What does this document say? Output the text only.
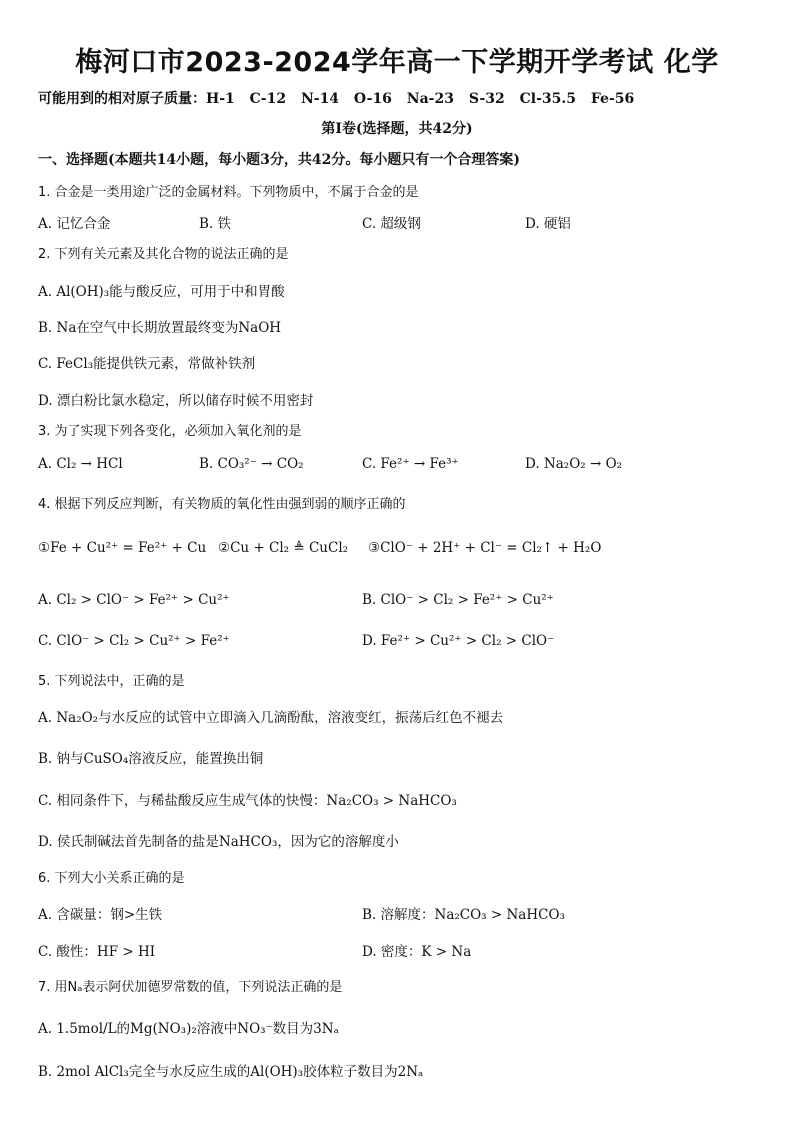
梅河口市2023-2024学年高一下学期开学考试 化学
可能用到的相对原子质量：H-1 C-12 N-14 O-16 Na-23 S-32 Cl-35.5 Fe-56
第Ⅰ卷(选择题，共42分)
一、选择题(本题共14小题，每小题3分，共42分。每小题只有一个合理答案)
1. 合金是一类用途广泛的金属材料。下列物质中，不属于合金的是
A. 记忆合金	B. 铁	C. 超级钢	D. 硬铝
2. 下列有关元素及其化合物的说法正确的是
A. Al(OH)₃能与酸反应，可用于中和胃酸
B. Na在空气中长期放置最终变为NaOH
C. FeCl₃能提供铁元素，常做补铁剂
D. 漂白粉比氯水稳定，所以储存时候不用密封
3. 为了实现下列各变化，必须加入氧化剂的是
A. Cl₂ → HCl	B. CO₃²⁻ → CO₂	C. Fe²⁺ → Fe³⁺	D. Na₂O₂ → O₂
4. 根据下列反应判断，有关物质的氧化性由强到弱的顺序正确的
①Fe + Cu²⁺ = Fe²⁺ + Cu ②Cu + Cl₂ ≜ CuCl₂ ③ClO⁻ + 2H⁺ + Cl⁻ = Cl₂↑ + H₂O
A. Cl₂ > ClO⁻ > Fe²⁺ > Cu²⁺	B. ClO⁻ > Cl₂ > Fe²⁺ > Cu²⁺
C. ClO⁻ > Cl₂ > Cu²⁺ > Fe²⁺	D. Fe²⁺ > Cu²⁺ > Cl₂ > ClO⁻
5. 下列说法中，正确的是
A. Na₂O₂与水反应的试管中立即滴入几滴酚酞，溶液变红，振荡后红色不褪去
B. 钠与CuSO₄溶液反应，能置换出铜
C. 相同条件下，与稀盐酸反应生成气体的快慢：Na₂CO₃ > NaHCO₃
D. 侯氏制碱法首先制备的盐是NaHCO₃，因为它的溶解度小
6. 下列大小关系正确的是
A. 含碳量：钢>生铁	B. 溶解度：Na₂CO₃ > NaHCO₃
C. 酸性：HF > HI	D. 密度：K > Na
7. 用Nₐ表示阿伏加德罗常数的值，下列说法正确的是
A. 1.5mol/L的Mg(NO₃)₂溶液中NO₃⁻数目为3Nₐ
B. 2mol AlCl₃完全与水反应生成的Al(OH)₃胶体粒子数目为2Nₐ
